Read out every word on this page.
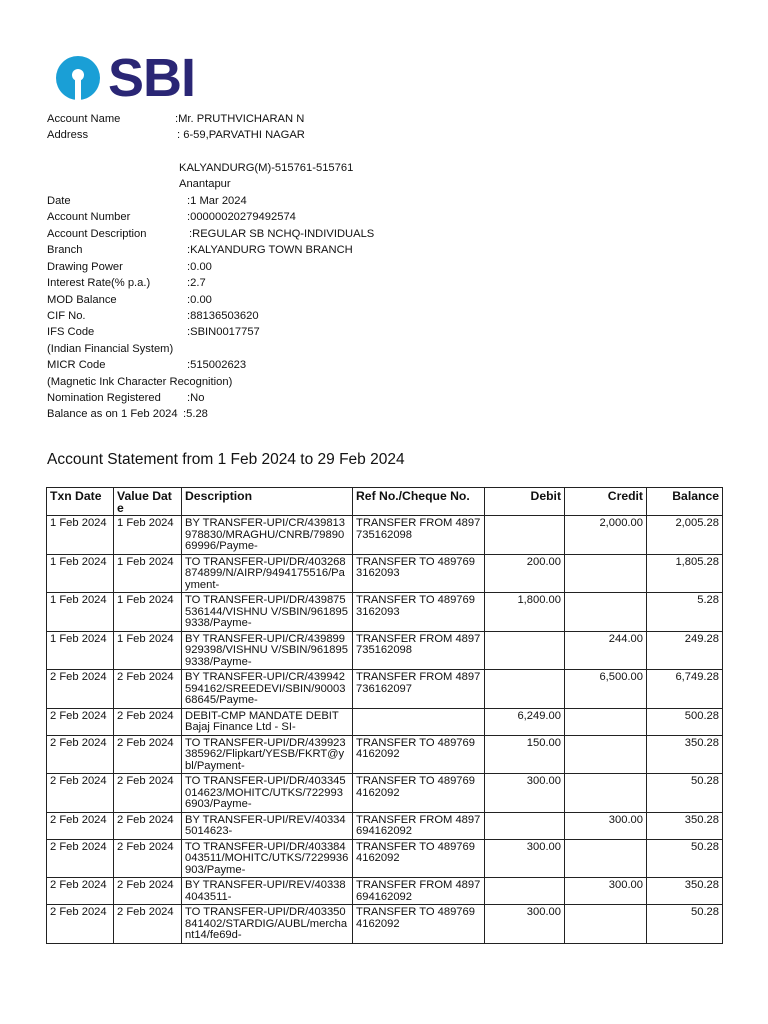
SBI
Account Name	:Mr. PRUTHVICHARAN N
Address	: 6-59,PARVATHI NAGAR
KALYANDURG(M)-515761-515761
Anantapur
Date	:1 Mar 2024
Account Number	:00000020279492574
Account Description	:REGULAR SB NCHQ-INDIVIDUALS
Branch	:KALYANDURG TOWN BRANCH
Drawing Power	:0.00
Interest Rate(% p.a.)	:2.7
MOD Balance	:0.00
CIF No.	:88136503620
IFS Code	:SBIN0017757
(Indian Financial System)
MICR Code	:515002623
(Magnetic Ink Character Recognition)
Nomination Registered :No
Balance as on 1 Feb 2024 :5.28
Account Statement from 1 Feb 2024 to 29 Feb 2024
Txn Date	Value Date	Description	Ref No./Cheque No.	Debit	Credit	Balance
1 Feb 2024	1 Feb 2024	BY TRANSFER-UPI/CR/439813978830/MRAGHU/CNRB/7989069996/Payme-	TRANSFER FROM 4897735162098		2,000.00	2,005.28
1 Feb 2024	1 Feb 2024	TO TRANSFER-UPI/DR/403268874899/N/AIRP/9494175516/Payment-	TRANSFER TO 4897693162093	200.00		1,805.28
1 Feb 2024	1 Feb 2024	TO TRANSFER-UPI/DR/439875536144/VISHNU V/SBIN/9618959338/Payme-	TRANSFER TO 4897693162093	1,800.00		5.28
1 Feb 2024	1 Feb 2024	BY TRANSFER-UPI/CR/439899929398/VISHNU V/SBIN/9618959338/Payme-	TRANSFER FROM 4897735162098		244.00	249.28
2 Feb 2024	2 Feb 2024	BY TRANSFER-UPI/CR/439942594162/SREEDEVI/SBIN/9000368645/Payme-	TRANSFER FROM 4897736162097		6,500.00	6,749.28
2 Feb 2024	2 Feb 2024	DEBIT-CMP MANDATE DEBIT Bajaj Finance Ltd - SI-		6,249.00		500.28
2 Feb 2024	2 Feb 2024	TO TRANSFER-UPI/DR/439923385962/Flipkart/YESB/FKRT@ybl/Payment-	TRANSFER TO 4897694162092	150.00		350.28
2 Feb 2024	2 Feb 2024	TO TRANSFER-UPI/DR/403345014623/MOHITC/UTKS/7229936903/Payme-	TRANSFER TO 4897694162092	300.00		50.28
2 Feb 2024	2 Feb 2024	BY TRANSFER-UPI/REV/403345014623-	TRANSFER FROM 4897694162092		300.00	350.28
2 Feb 2024	2 Feb 2024	TO TRANSFER-UPI/DR/403384043511/MOHITC/UTKS/7229936903/Payme-	TRANSFER TO 4897694162092	300.00		50.28
2 Feb 2024	2 Feb 2024	BY TRANSFER-UPI/REV/403384043511-	TRANSFER FROM 4897694162092		300.00	350.28
2 Feb 2024	2 Feb 2024	TO TRANSFER-UPI/DR/403350841402/STARDIG/AUBL/merchant14/fe69d-	TRANSFER TO 4897694162092	300.00		50.28
